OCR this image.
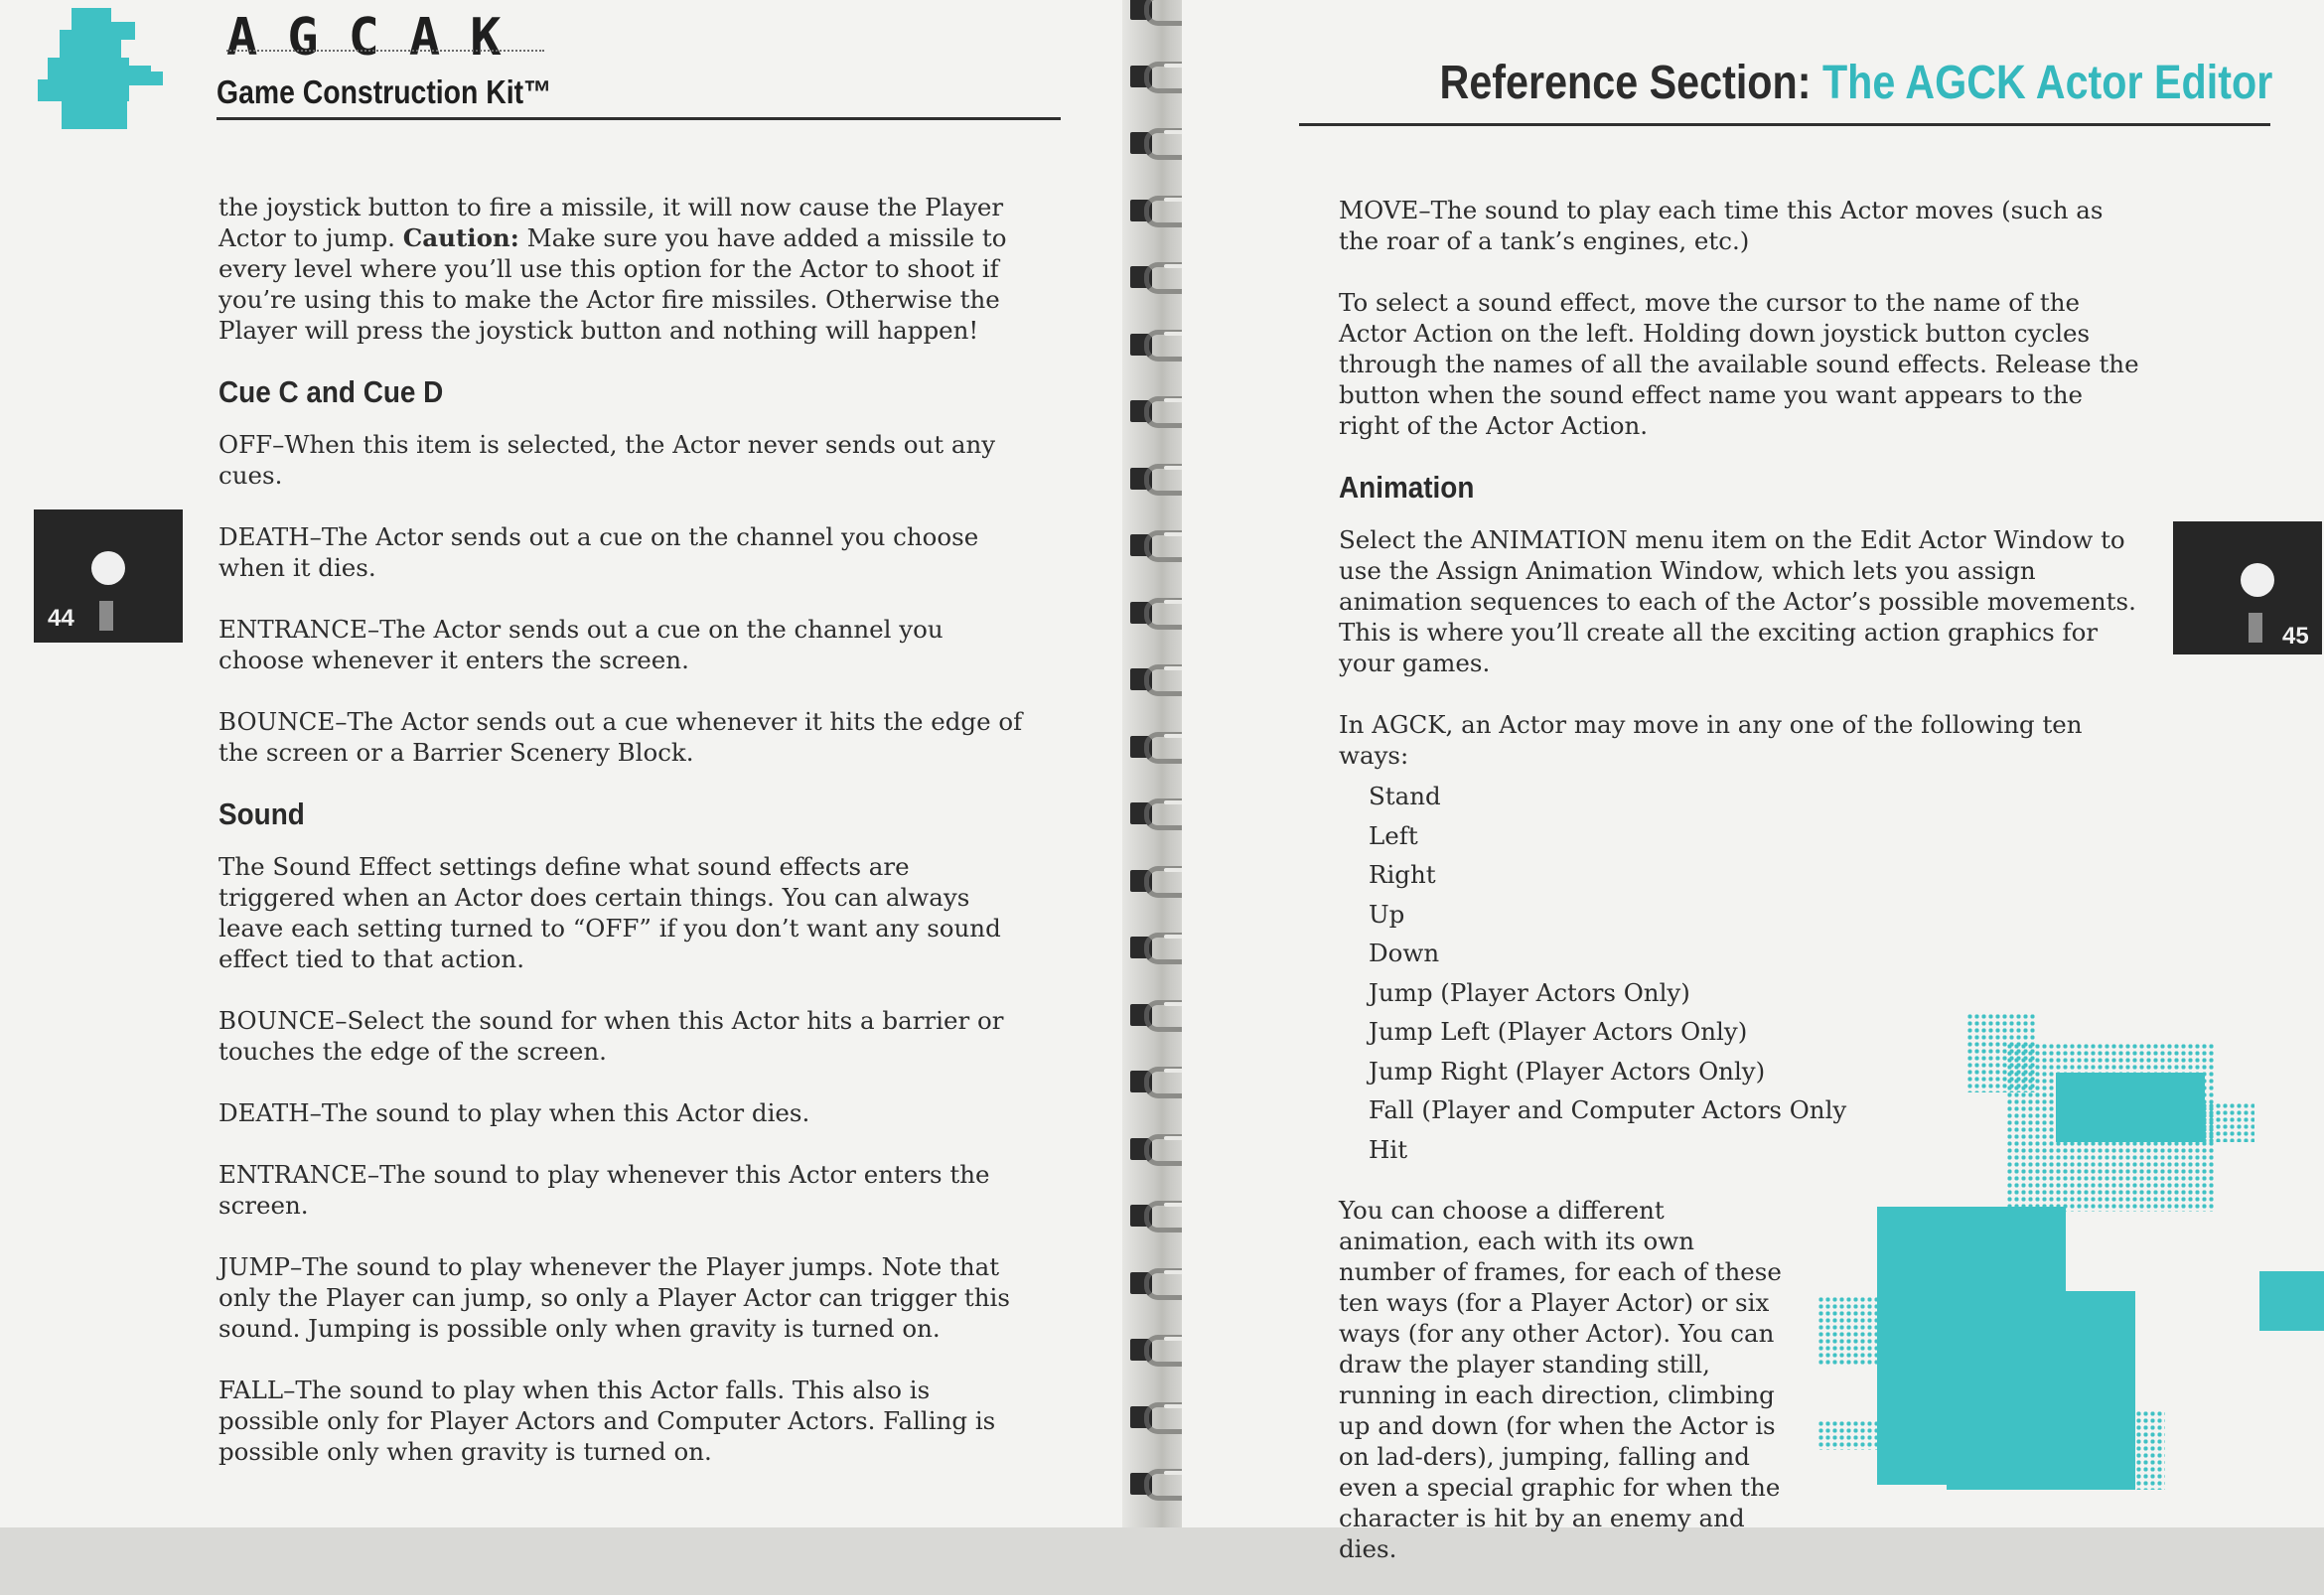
AGCAK
Game Construction Kit™
44

the joystick button to fire a missile, it will now cause the Player Actor to jump. Caution: Make sure you have added a missile to every level where you’ll use this option for the Actor to shoot if you’re using this to make the Actor fire missiles. Otherwise the Player will press the joystick button and nothing will happen!

Cue C and Cue D

OFF–When this item is selected, the Actor never sends out any cues.

DEATH–The Actor sends out a cue on the channel you choose when it dies.

ENTRANCE–The Actor sends out a cue on the channel you choose whenever it enters the screen.

BOUNCE–The Actor sends out a cue whenever it hits the edge of the screen or a Barrier Scenery Block.

Sound

The Sound Effect settings define what sound effects are triggered when an Actor does certain things. You can always leave each setting turned to “OFF” if you don’t want any sound effect tied to that action.

BOUNCE–Select the sound for when this Actor hits a barrier or touches the edge of the screen.

DEATH–The sound to play when this Actor dies.

ENTRANCE–The sound to play whenever this Actor enters the screen.

JUMP–The sound to play whenever the Player jumps. Note that only the Player can jump, so only a Player Actor can trigger this sound. Jumping is possible only when gravity is turned on.

FALL–The sound to play when this Actor falls. This also is possible only for Player Actors and Computer Actors. Falling is possible only when gravity is turned on.

Reference Section: The AGCK Actor Editor
45

MOVE–The sound to play each time this Actor moves (such as the roar of a tank’s engines, etc.)

To select a sound effect, move the cursor to the name of the Actor Action on the left. Holding down joystick button cycles through the names of all the available sound effects. Release the button when the sound effect name you want appears to the right of the Actor Action.

Animation

Select the ANIMATION menu item on the Edit Actor Window to use the Assign Animation Window, which lets you assign animation sequences to each of the Actor’s possible movements. This is where you’ll create all the exciting action graphics for your games.

In AGCK, an Actor may move in any one of the following ten ways:

Stand
Left
Right
Up
Down
Jump (Player Actors Only)
Jump Left (Player Actors Only)
Jump Right (Player Actors Only)
Fall (Player and Computer Actors Only
Hit

You can choose a different animation, each with its own number of frames, for each of these ten ways (for a Player Actor) or six ways (for any other Actor). You can draw the player standing still, running in each direction, climbing up and down (for when the Actor is on lad-ders), jumping, falling and even a special graphic for when the character is hit by an enemy and dies.
